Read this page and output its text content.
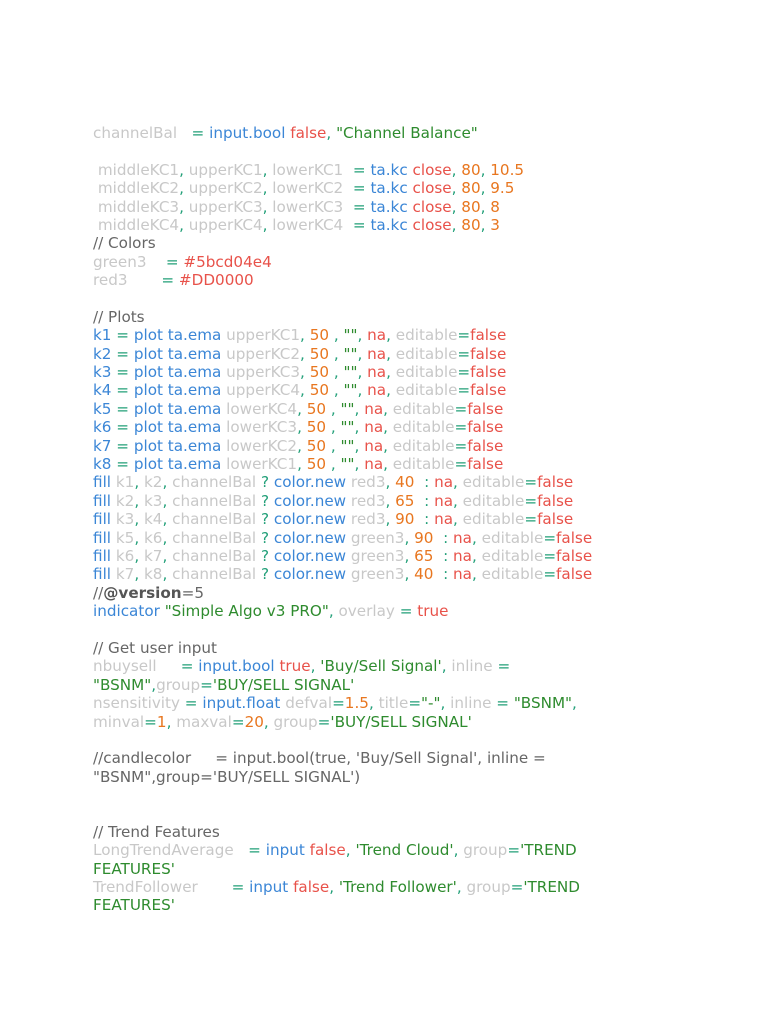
channelBal   = input.bool false, "Channel Balance"
middleKC1, upperKC1, lowerKC1  = ta.kc close, 80, 10.5
middleKC2, upperKC2, lowerKC2  = ta.kc close, 80, 9.5
middleKC3, upperKC3, lowerKC3  = ta.kc close, 80, 8
middleKC4, upperKC4, lowerKC4  = ta.kc close, 80, 3
// Colors
green3    = #5bcd04e4
red3       = #DD0000
// Plots
k1 = plot ta.ema upperKC1, 50 , "", na, editable=false
k2 = plot ta.ema upperKC2, 50 , "", na, editable=false
k3 = plot ta.ema upperKC3, 50 , "", na, editable=false
k4 = plot ta.ema upperKC4, 50 , "", na, editable=false
k5 = plot ta.ema lowerKC4, 50 , "", na, editable=false
k6 = plot ta.ema lowerKC3, 50 , "", na, editable=false
k7 = plot ta.ema lowerKC2, 50 , "", na, editable=false
k8 = plot ta.ema lowerKC1, 50 , "", na, editable=false
fill k1, k2, channelBal ? color.new red3, 40  : na, editable=false
fill k2, k3, channelBal ? color.new red3, 65  : na, editable=false
fill k3, k4, channelBal ? color.new red3, 90  : na, editable=false
fill k5, k6, channelBal ? color.new green3, 90  : na, editable=false
fill k6, k7, channelBal ? color.new green3, 65  : na, editable=false
fill k7, k8, channelBal ? color.new green3, 40  : na, editable=false
//@version=5
indicator "Simple Algo v3 PRO", overlay = true
// Get user input
nbuysell     = input.bool true, 'Buy/Sell Signal', inline =
"BSNM",group='BUY/SELL SIGNAL'
nsensitivity = input.float defval=1.5, title="-", inline = "BSNM",
minval=1, maxval=20, group='BUY/SELL SIGNAL'
//candlecolor     = input.bool(true, 'Buy/Sell Signal', inline =
"BSNM",group='BUY/SELL SIGNAL')
// Trend Features
LongTrendAverage   = input false, 'Trend Cloud', group='TREND
FEATURES'
TrendFollower       = input false, 'Trend Follower', group='TREND
FEATURES'
